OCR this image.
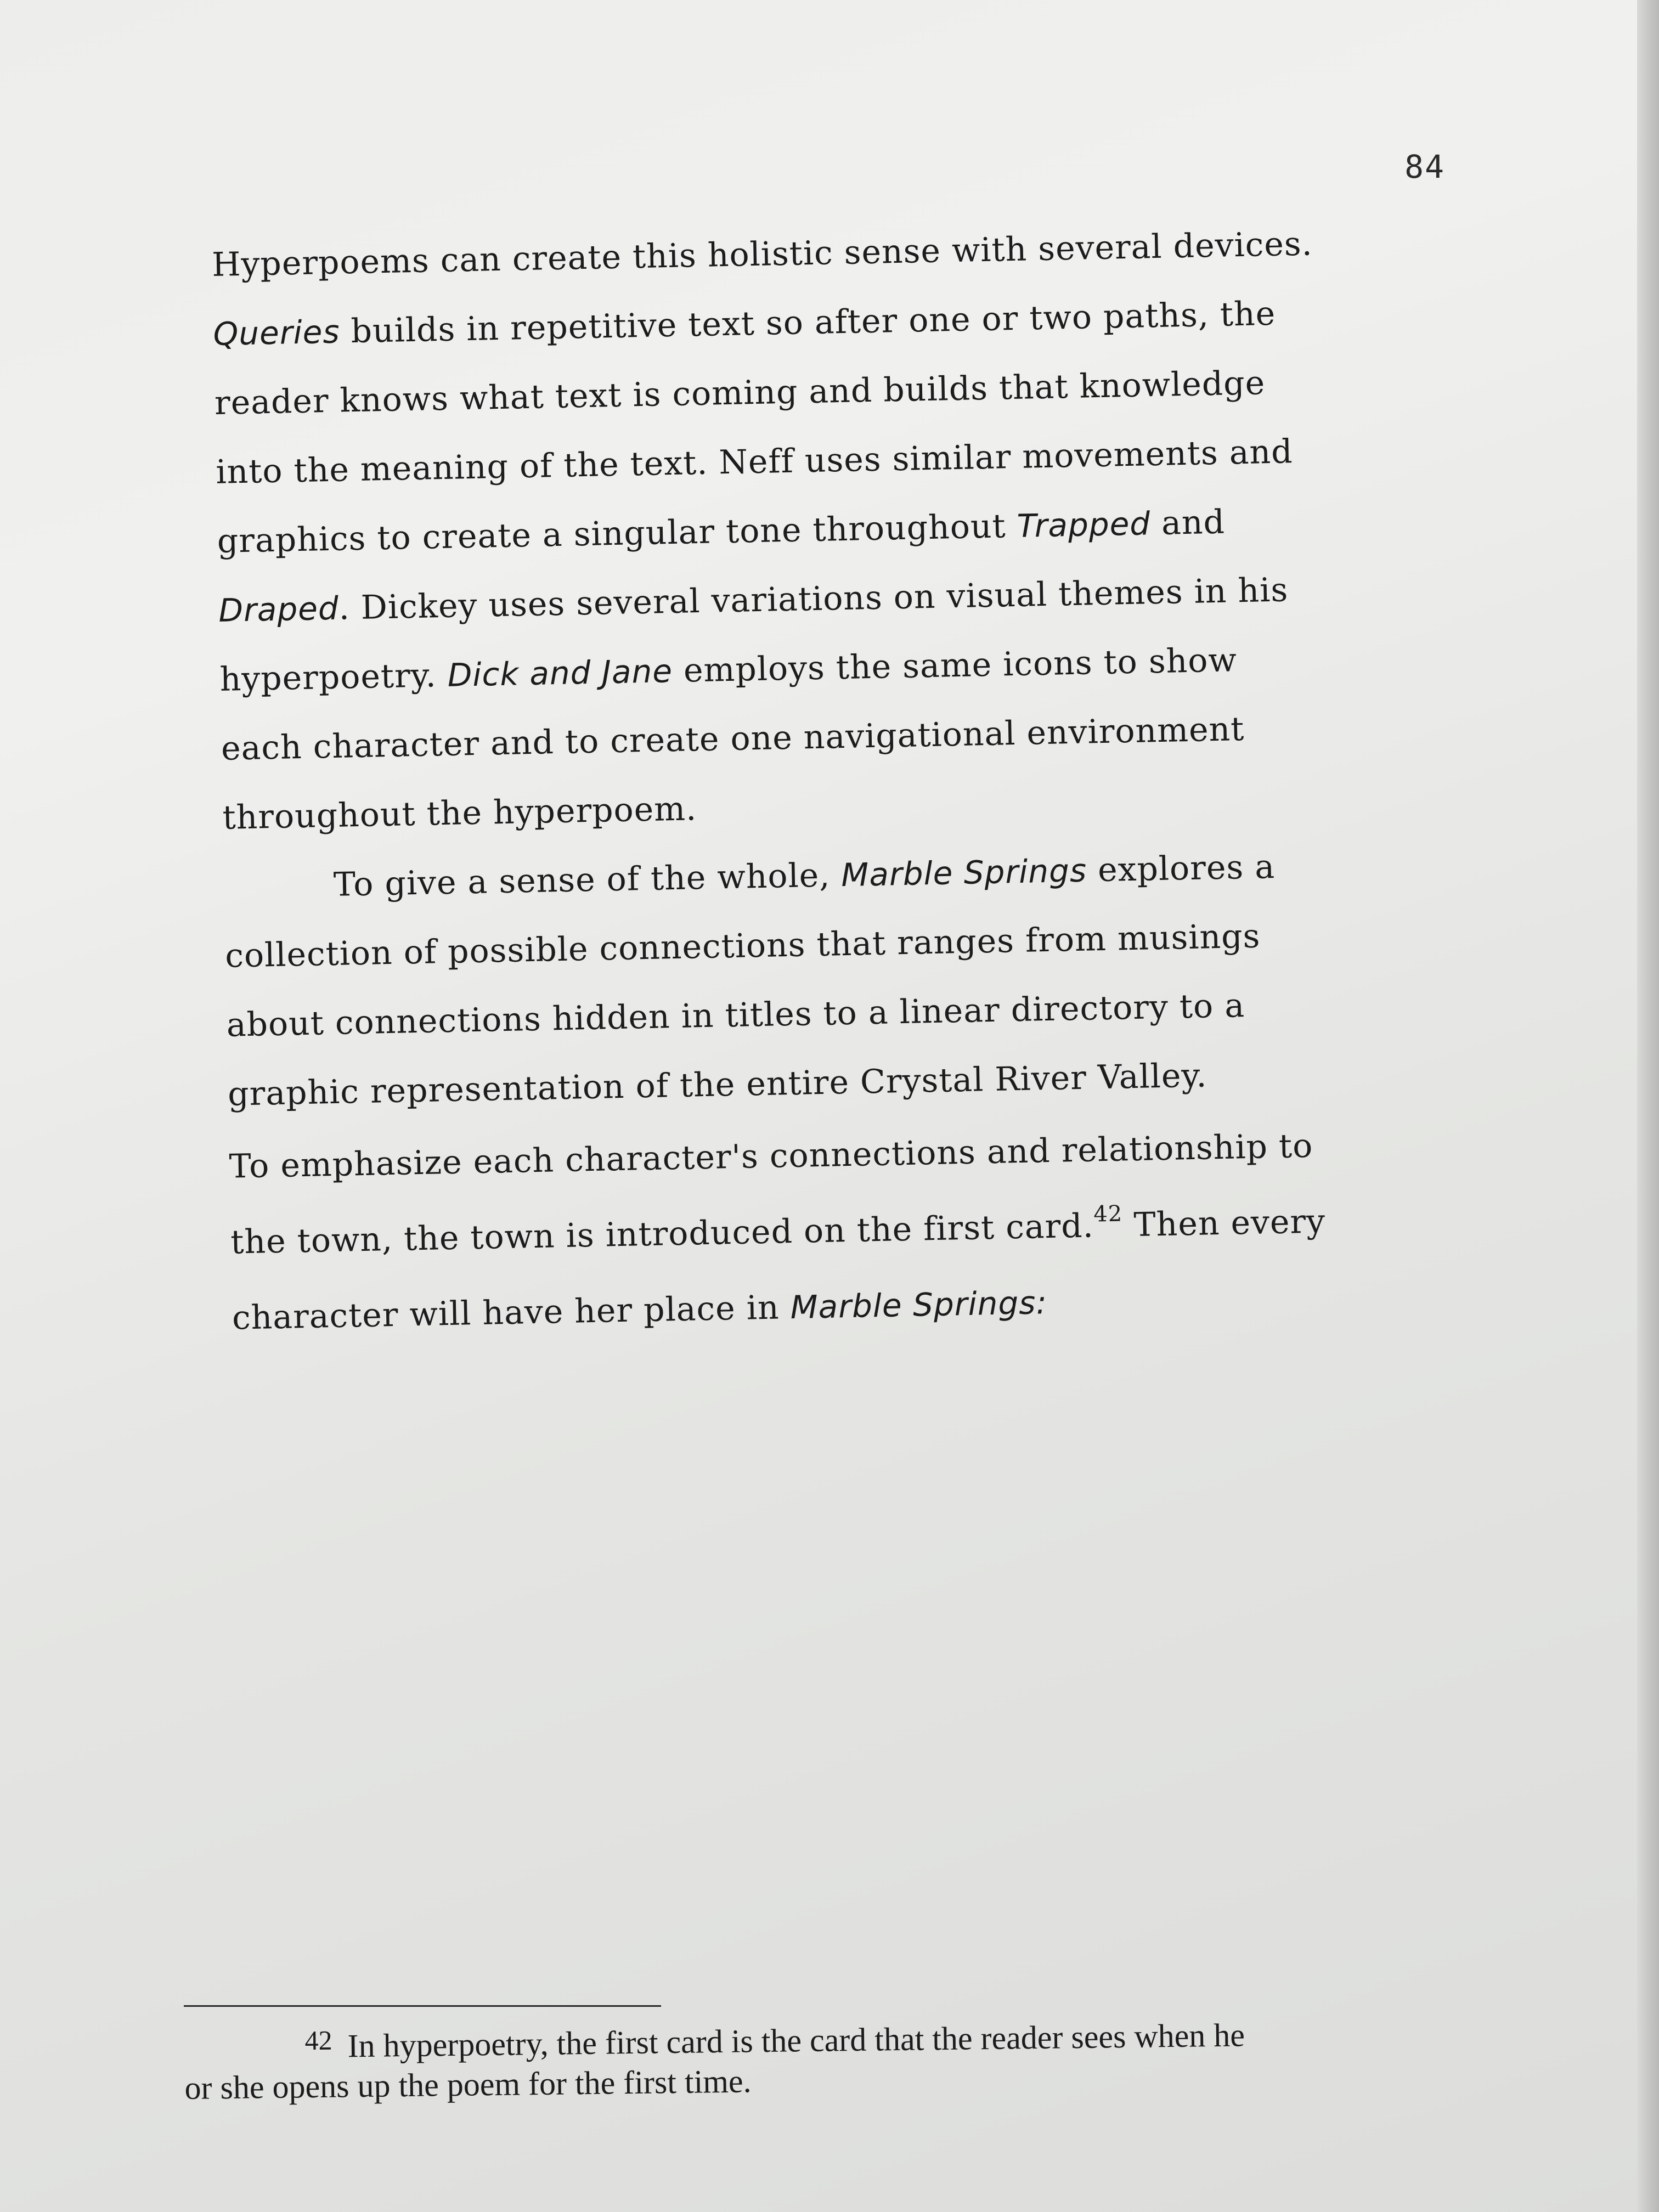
84
Hyperpoems can create this holistic sense with several devices.
Queries builds in repetitive text so after one or two paths, the
reader knows what text is coming and builds that knowledge
into the meaning of the text. Neff uses similar movements and
graphics to create a singular tone throughout Trapped and
Draped. Dickey uses several variations on visual themes in his
hyperpoetry. Dick and Jane employs the same icons to show
each character and to create one navigational environment
throughout the hyperpoem.
To give a sense of the whole, Marble Springs explores a
collection of possible connections that ranges from musings
about connections hidden in titles to a linear directory to a
graphic representation of the entire Crystal River Valley.
To emphasize each character's connections and relationship to
the town, the town is introduced on the first card.$^{42}$ Then every
character will have her place in Marble Springs:
$^{42}$ In hyperpoetry, the first card is the card that the reader sees when he
or she opens up the poem for the first time.
